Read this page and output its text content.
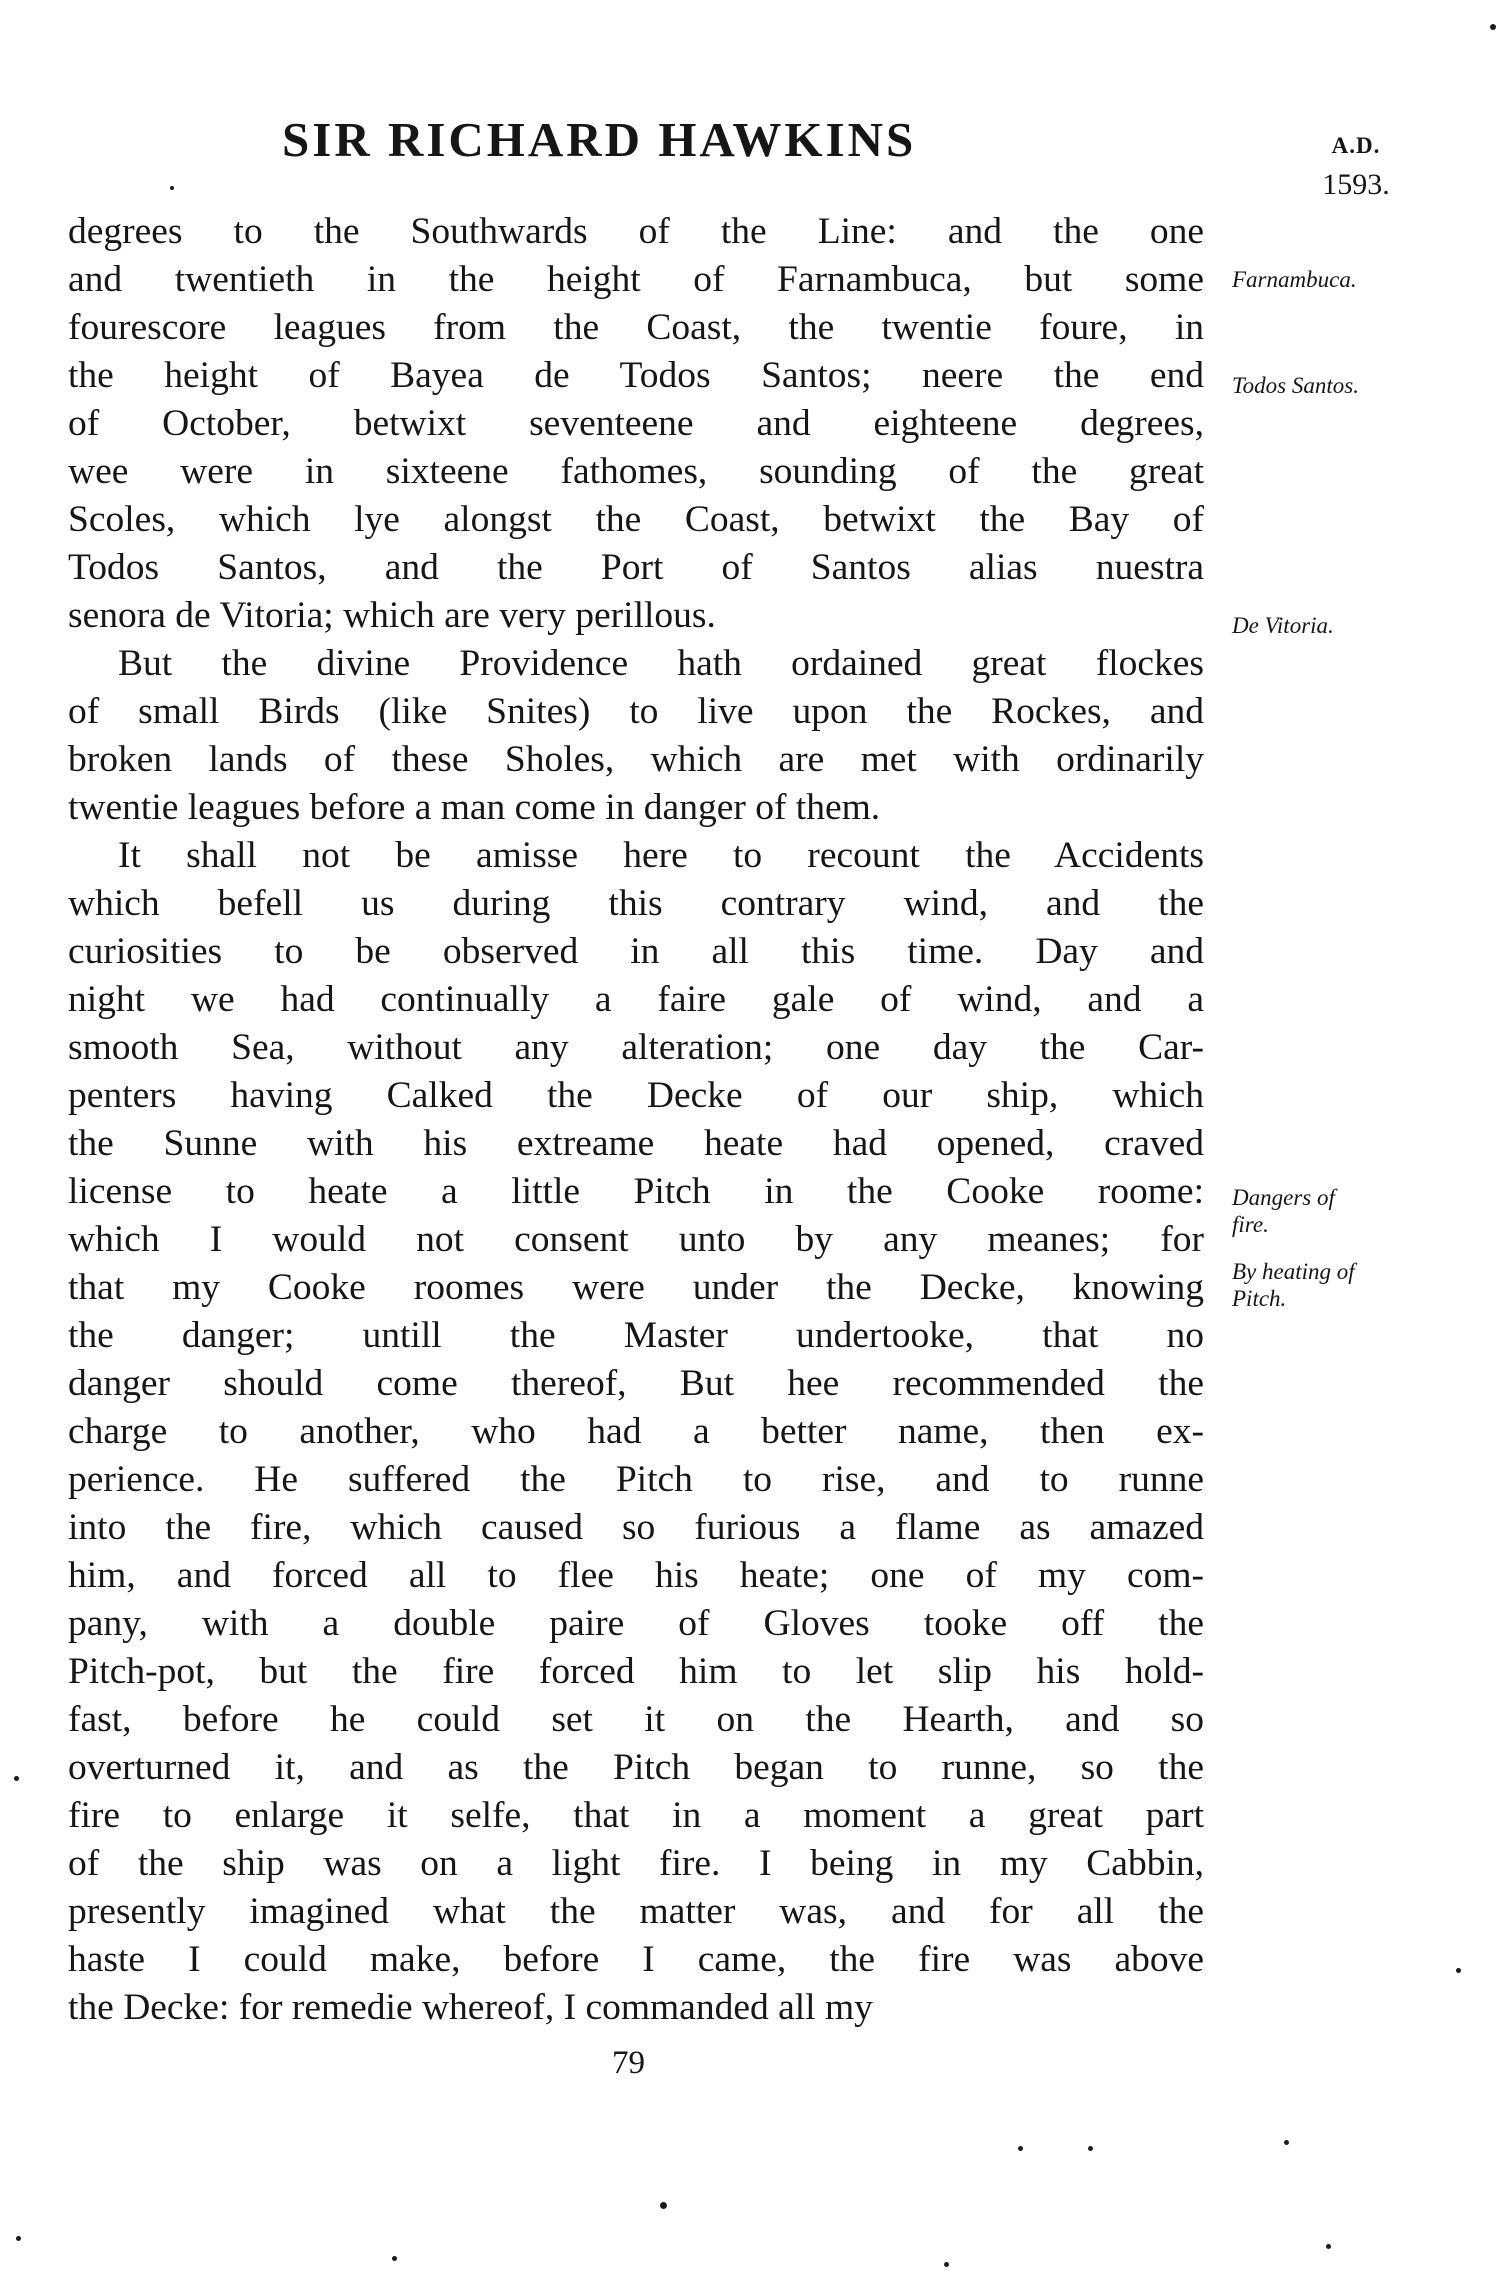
SIR RICHARD HAWKINS	A.D.
1593.
degrees to the Southwards of the Line: and the one
and twentieth in the height of Farnambuca, but some
fourescore leagues from the Coast, the twentie foure, in
the height of Bayea de Todos Santos; neere the end
of October, betwixt seventeene and eighteene degrees,
wee were in sixteene fathomes, sounding of the great
Scoles, which lye alongst the Coast, betwixt the Bay of
Todos Santos, and the Port of Santos alias nuestra
senora de Vitoria; which are very perillous.
But the divine Providence hath ordained great flockes
of small Birds (like Snites) to live upon the Rockes, and
broken lands of these Sholes, which are met with ordinarily
twentie leagues before a man come in danger of them.
It shall not be amisse here to recount the Accidents
which befell us during this contrary wind, and the
curiosities to be observed in all this time. Day and
night we had continually a faire gale of wind, and a
smooth Sea, without any alteration; one day the Car-
penters having Calked the Decke of our ship, which
the Sunne with his extreame heate had opened, craved
license to heate a little Pitch in the Cooke roome:
which I would not consent unto by any meanes; for
that my Cooke roomes were under the Decke, knowing
the danger; untill the Master undertooke, that no
danger should come thereof, But hee recommended the
charge to another, who had a better name, then ex-
perience. He suffered the Pitch to rise, and to runne
into the fire, which caused so furious a flame as amazed
him, and forced all to flee his heate; one of my com-
pany, with a double paire of Gloves tooke off the
Pitch-pot, but the fire forced him to let slip his hold-
fast, before he could set it on the Hearth, and so
overturned it, and as the Pitch began to runne, so the
fire to enlarge it selfe, that in a moment a great part
of the ship was on a light fire. I being in my Cabbin,
presently imagined what the matter was, and for all the
haste I could make, before I came, the fire was above
the Decke: for remedie whereof, I commanded all my
Farnambuca.
Todos Santos.
De Vitoria.
Dangers of
fire.
By heating of
Pitch.
79
